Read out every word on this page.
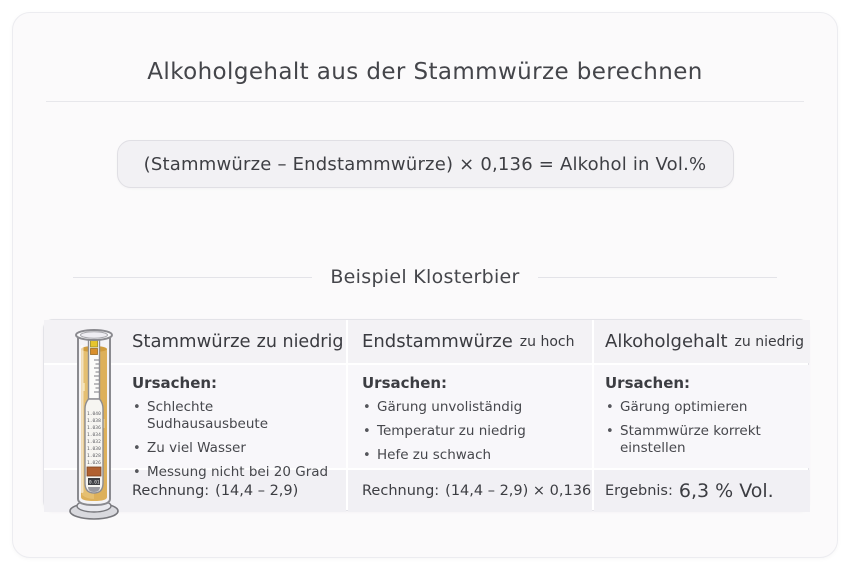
Alkoholgehalt aus der Stammwürze berechnen
(Stammwürze – Endstammwürze) × 0,136 = Alkohol in Vol.%
Beispiel Klosterbier
Stammwürze zu niedrig Endstammwürze zu hoch Alkoholgehalt zu niedrig
Ursachen:
• Schlechte Sudhausausbeute
• Zu viel Wasser
• Messung nicht bei 20 Grad
Ursachen:
• Gärung unvoliständig
• Temperatur zu niedrig
• Hefe zu schwach
Ursachen:
• Gärung optimieren
• Stammwürze korrekt einstellen
Rechnung: (14,4 – 2,9)	Rechnung: (14,4 – 2,9) × 0,136 Ergebnis: 6,3 % Vol.
1.040
1.038
1.036
1.034
1.032
1.030
1.028
1.026
0.011
